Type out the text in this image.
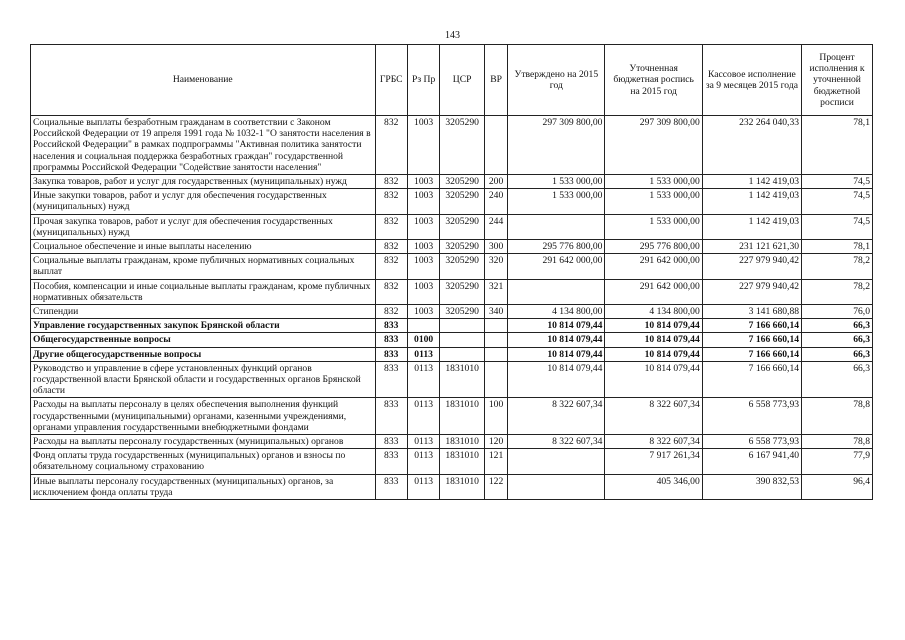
143
Наименование	ГРБС	Рз Пр	ЦСР	ВР	Утверждено на 2015 год	Уточненная бюджетная роспись на 2015 год	Кассовое исполнение за 9 месяцев 2015 года	Процент исполнения к уточненной бюджетной росписи
Социальные выплаты безработным гражданам в соответствии с Законом Российской Федерации от 19 апреля 1991 года № 1032-1 "О занятости населения в Российской Федерации" в рамках подпрограммы "Активная политика занятости населения и социальная поддержка безработных граждан" государственной программы Российской Федерации "Содействие занятости населения"	832	1003	3205290		297 309 800,00	297 309 800,00	232 264 040,33	78,1
Закупка товаров, работ и услуг для государственных (муниципальных) нужд	832	1003	3205290	200	1 533 000,00	1 533 000,00	1 142 419,03	74,5
Иные закупки товаров, работ и услуг для обеспечения государственных (муниципальных) нужд	832	1003	3205290	240	1 533 000,00	1 533 000,00	1 142 419,03	74,5
Прочая закупка товаров, работ и услуг для обеспечения государственных (муниципальных) нужд	832	1003	3205290	244		1 533 000,00	1 142 419,03	74,5
Социальное обеспечение и иные выплаты населению	832	1003	3205290	300	295 776 800,00	295 776 800,00	231 121 621,30	78,1
Социальные выплаты гражданам, кроме публичных нормативных социальных выплат	832	1003	3205290	320	291 642 000,00	291 642 000,00	227 979 940,42	78,2
Пособия, компенсации и иные социальные выплаты гражданам, кроме публичных нормативных обязательств	832	1003	3205290	321		291 642 000,00	227 979 940,42	78,2
Стипендии	832	1003	3205290	340	4 134 800,00	4 134 800,00	3 141 680,88	76,0
Управление государственных закупок Брянской области	833				10 814 079,44	10 814 079,44	7 166 660,14	66,3
Общегосударственные вопросы	833	0100			10 814 079,44	10 814 079,44	7 166 660,14	66,3
Другие общегосударственные вопросы	833	0113			10 814 079,44	10 814 079,44	7 166 660,14	66,3
Руководство и управление в сфере установленных функций органов государственной власти Брянской области и государственных органов Брянской области	833	0113	1831010		10 814 079,44	10 814 079,44	7 166 660,14	66,3
Расходы на выплаты персоналу в целях обеспечения выполнения функций государственными (муниципальными) органами, казенными учреждениями, органами управления государственными внебюджетными фондами	833	0113	1831010	100	8 322 607,34	8 322 607,34	6 558 773,93	78,8
Расходы на выплаты персоналу государственных (муниципальных) органов	833	0113	1831010	120	8 322 607,34	8 322 607,34	6 558 773,93	78,8
Фонд оплаты труда государственных (муниципальных) органов и взносы по обязательному социальному страхованию	833	0113	1831010	121		7 917 261,34	6 167 941,40	77,9
Иные выплаты персоналу государственных (муниципальных) органов, за исключением фонда оплаты труда	833	0113	1831010	122		405 346,00	390 832,53	96,4
